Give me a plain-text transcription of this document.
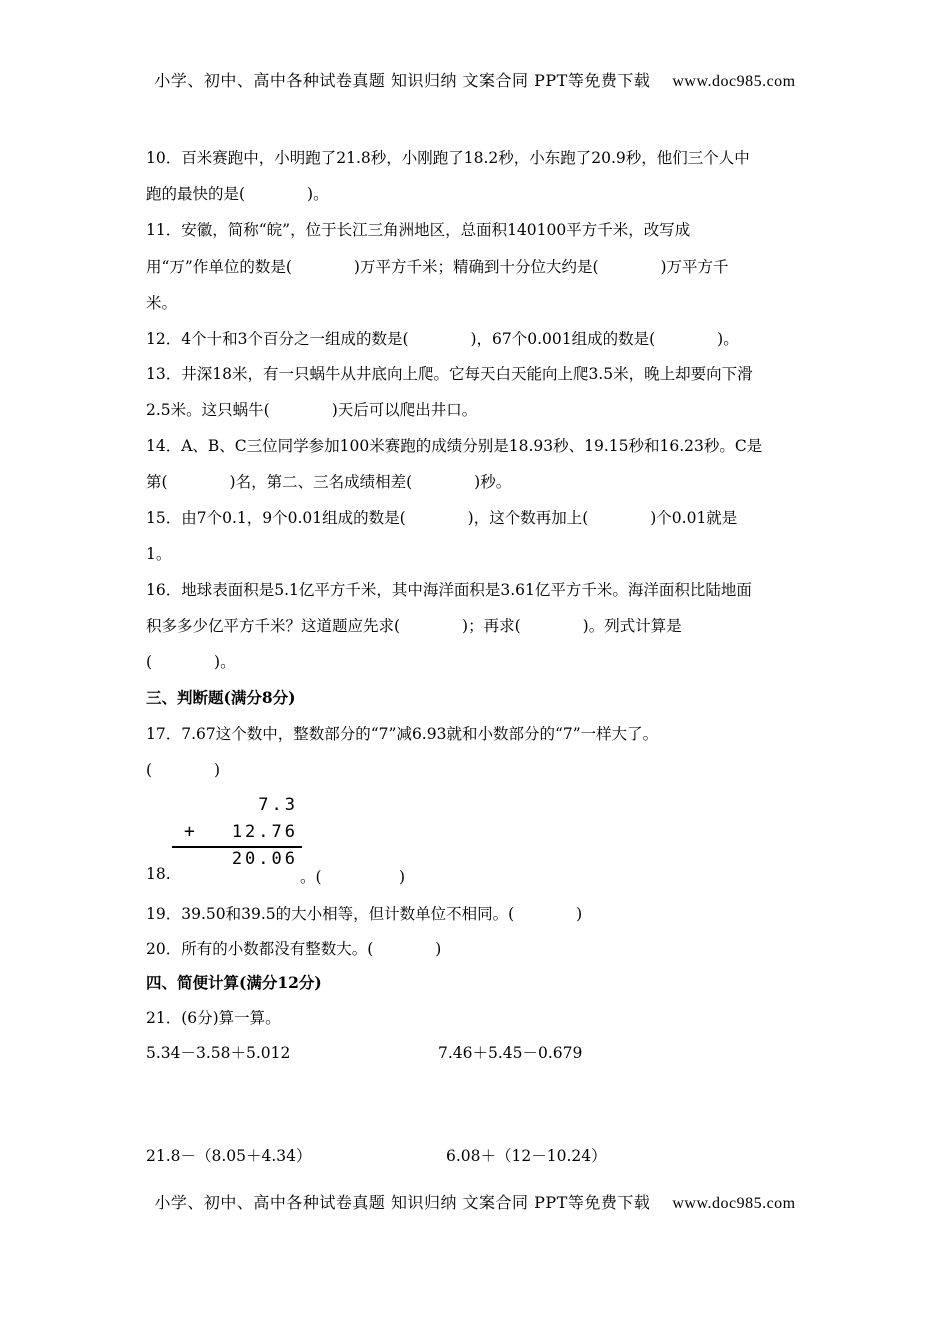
小学、初中、高中各种试卷真题 知识归纳 文案合同 PPT等免费下载 www.doc985.com
10．百米赛跑中，小明跑了21.8秒，小刚跑了18.2秒，小东跑了20.9秒，他们三个人中
跑的最快的是(　　　　)。
11．安徽，简称“皖”，位于长江三角洲地区，总面积140100平方千米，改写成
用“万”作单位的数是(　　　　)万平方千米；精确到十分位大约是(　　　　)万平方千
米。
12．4个十和3个百分之一组成的数是(　　　　)，67个0.001组成的数是(　　　　)。
13．井深18米，有一只蜗牛从井底向上爬。它每天白天能向上爬3.5米，晚上却要向下滑
2.5米。这只蜗牛(　　　　)天后可以爬出井口。
14．A、B、C三位同学参加100米赛跑的成绩分别是18.93秒、19.15秒和16.23秒。C是
第(　　　　)名，第二、三名成绩相差(　　　　)秒。
15．由7个0.1，9个0.01组成的数是(　　　　)，这个数再加上(　　　　)个0.01就是
1。
16．地球表面积是5.1亿平方千米，其中海洋面积是3.61亿平方千米。海洋面积比陆地面
积多多少亿平方千米？这道题应先求(　　　　)；再求(　　　　)。列式计算是
(　　　　)。
三、判断题(满分8分)
17．7.67这个数中，整数部分的“7”减6.93就和小数部分的“7”一样大了。
(　　　　)
18.	。(　　　　　)
19．39.50和39.5的大小相等，但计数单位不相同。(　　　　)
20．所有的小数都没有整数大。(　　　　)
四、简便计算(满分12分)
21．(6分)算一算。
5.34－3.58＋5.012	7.46＋5.45－0.679
21.8－（8.05＋4.34）	6.08＋（12－10.24）
7.3
+ 12.76
20.06
小学、初中、高中各种试卷真题 知识归纳 文案合同 PPT等免费下载 www.doc985.com
